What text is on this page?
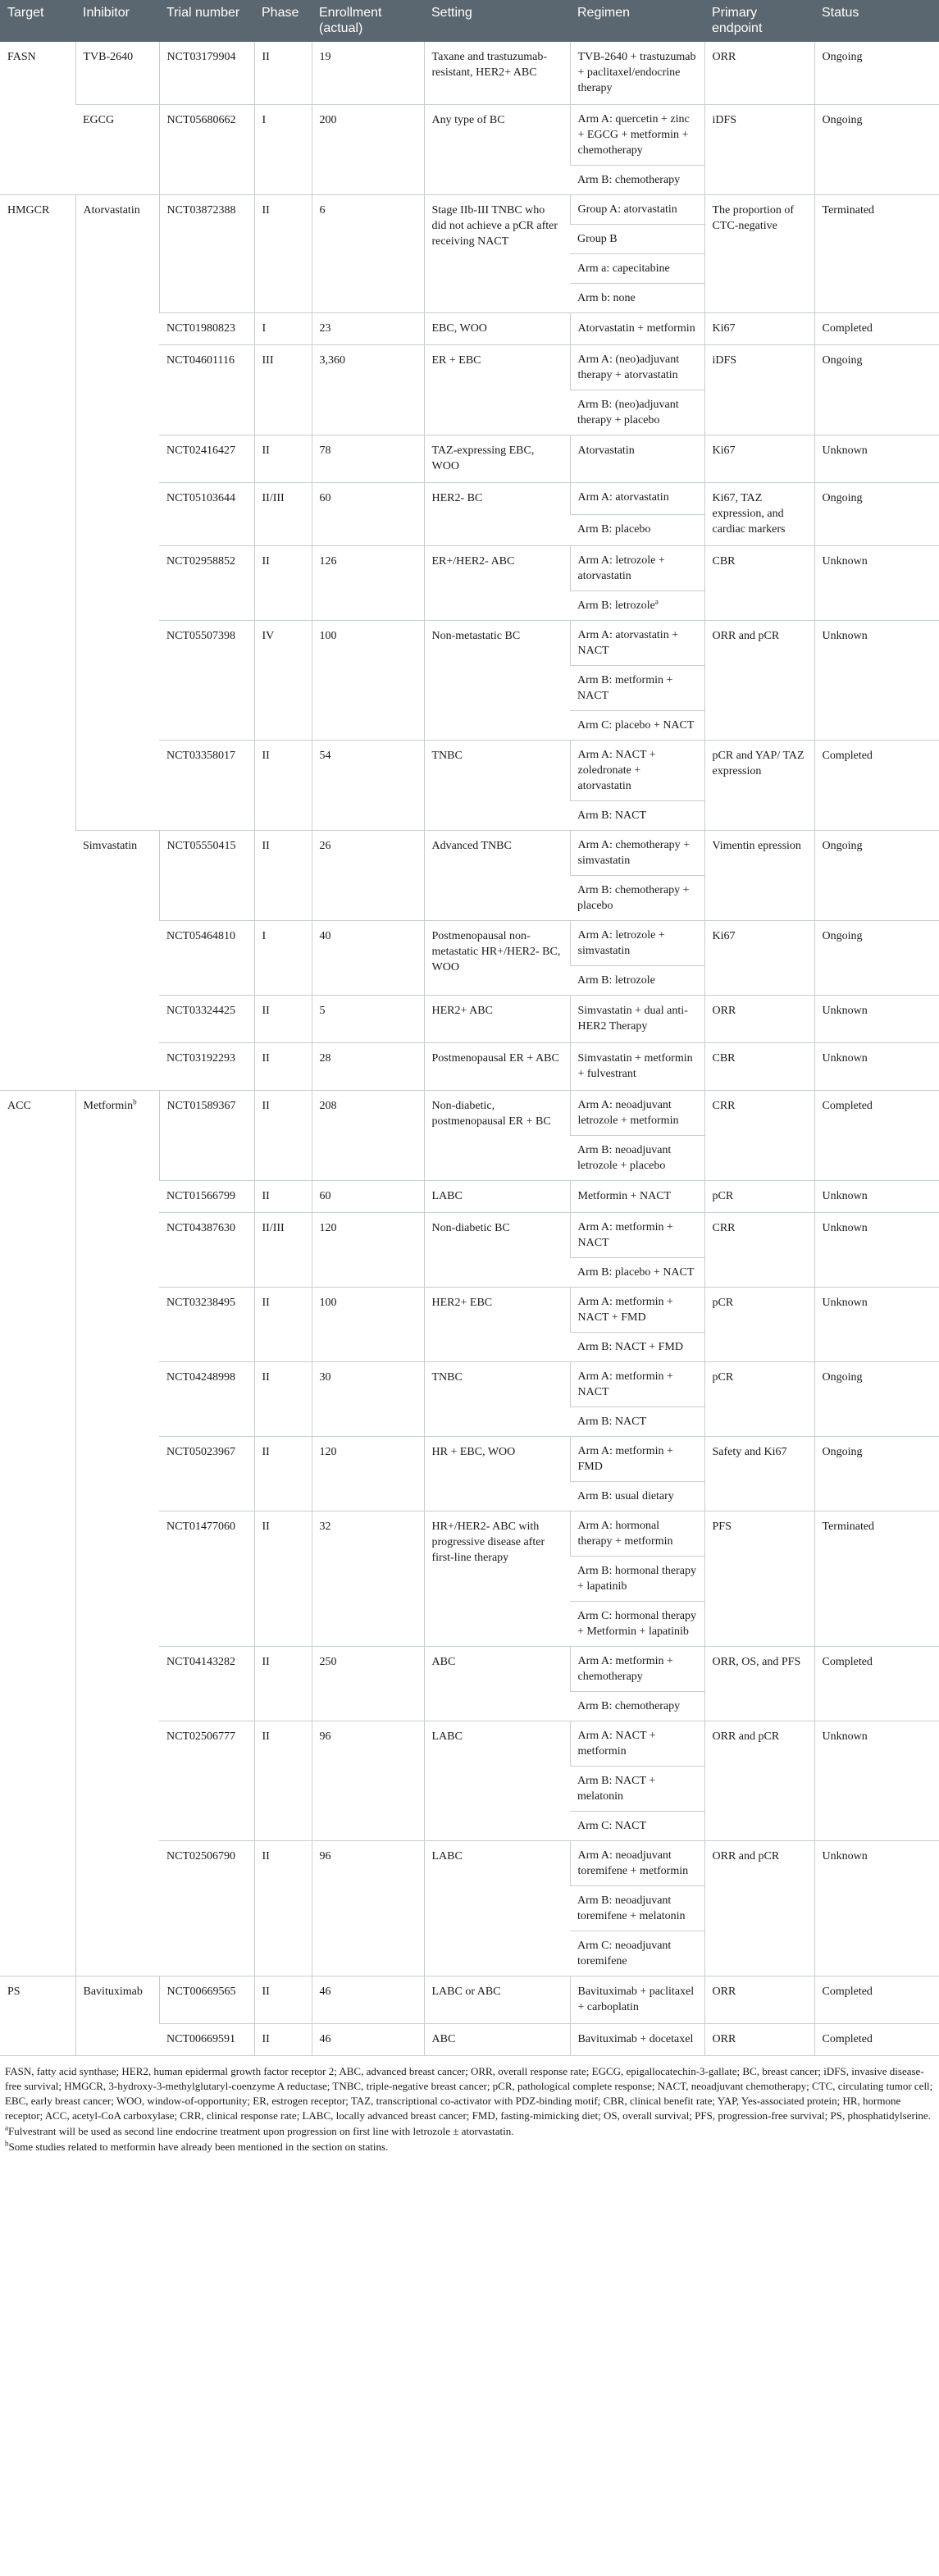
Target	Inhibitor	Trial number	Phase	Enrollment (actual)	Setting	Regimen	Primary endpoint	Status
FASN	TVB-2640	NCT03179904	II	19	Taxane and trastuzumab-resistant, HER2+ ABC	TVB-2640 + trastuzumab + paclitaxel/endocrine therapy	ORR	Ongoing
	EGCG	NCT05680662	I	200	Any type of BC	Arm A: quercetin + zinc + EGCG + metformin + chemotherapy	iDFS	Ongoing
						Arm B: chemotherapy		
HMGCR	Atorvastatin	NCT03872388	II	6	Stage IIb-III TNBC who did not achieve a pCR after receiving NACT	Group A: atorvastatin	The proportion of CTC-negative	Terminated
						Group B		
						Arm a: capecitabine		
						Arm b: none		
		NCT01980823	I	23	EBC, WOO	Atorvastatin + metformin	Ki67	Completed
		NCT04601116	III	3,360	ER + EBC	Arm A: (neo)adjuvant therapy + atorvastatin	iDFS	Ongoing
						Arm B: (neo)adjuvant therapy + placebo		
		NCT02416427	II	78	TAZ-expressing EBC, WOO	Atorvastatin	Ki67	Unknown
		NCT05103644	II/III	60	HER2- BC	Arm A: atorvastatin	Ki67, TAZ expression, and cardiac markers	Ongoing
						Arm B: placebo		
		NCT02958852	II	126	ER+/HER2- ABC	Arm A: letrozole + atorvastatin	CBR	Unknown
						Arm B: letrozole$^a$
		NCT05507398	IV	100	Non-metastatic BC	Arm A: atorvastatin + NACT	ORR and pCR	Unknown
						Arm B: metformin + NACT		
						Arm C: placebo + NACT		
		NCT03358017	II	54	TNBC	Arm A: NACT + zoledronate + atorvastatin	pCR and YAP/ TAZ expression	Completed
						Arm B: NACT		
	Simvastatin	NCT05550415	II	26	Advanced TNBC	Arm A: chemotherapy + simvastatin	Vimentin epression	Ongoing
						Arm B: chemotherapy + placebo		
		NCT05464810	I	40	Postmenopausal non-metastatic HR+/HER2- BC, WOO	Arm A: letrozole + simvastatin	Ki67	Ongoing
						Arm B: letrozole		
		NCT03324425	II	5	HER2+ ABC	Simvastatin + dual anti-HER2 Therapy	ORR	Unknown
		NCT03192293	II	28	Postmenopausal ER + ABC	Simvastatin + metformin + fulvestrant	CBR	Unknown
ACC	Metformin$^b$	NCT01589367	II	208	Non-diabetic, postmenopausal ER + BC	Arm A: neoadjuvant letrozole + metformin	CRR	Completed
						Arm B: neoadjuvant letrozole + placebo		
		NCT01566799	II	60	LABC	Metformin + NACT	pCR	Unknown
		NCT04387630	II/III	120	Non-diabetic BC	Arm A: metformin + NACT	CRR	Unknown
						Arm B: placebo + NACT		
		NCT03238495	II	100	HER2+ EBC	Arm A: metformin + NACT + FMD	pCR	Unknown
						Arm B: NACT + FMD		
		NCT04248998	II	30	TNBC	Arm A: metformin + NACT	pCR	Ongoing
						Arm B: NACT		
		NCT05023967	II	120	HR + EBC, WOO	Arm A: metformin + FMD	Safety and Ki67	Ongoing
						Arm B: usual dietary		
		NCT01477060	II	32	HR+/HER2- ABC with progressive disease after first-line therapy	Arm A: hormonal therapy + metformin	PFS	Terminated
						Arm B: hormonal therapy + lapatinib		
						Arm C: hormonal therapy + Metformin + lapatinib		
		NCT04143282	II	250	ABC	Arm A: metformin + chemotherapy	ORR, OS, and PFS	Completed
						Arm B: chemotherapy		
		NCT02506777	II	96	LABC	Arm A: NACT + metformin	ORR and pCR	Unknown
						Arm B: NACT + melatonin		
						Arm C: NACT		
		NCT02506790	II	96	LABC	Arm A: neoadjuvant toremifene + metformin	ORR and pCR	Unknown
						Arm B: neoadjuvant toremifene + melatonin		
						Arm C: neoadjuvant toremifene		
PS	Bavituximab	NCT00669565	II	46	LABC or ABC	Bavituximab + paclitaxel + carboplatin	ORR	Completed
		NCT00669591	II	46	ABC	Bavituximab + docetaxel	ORR	Completed

FASN, fatty acid synthase; HER2, human epidermal growth factor receptor 2; ABC, advanced breast cancer; ORR, overall response rate; EGCG, epigallocatechin-3-gallate; BC, breast cancer; iDFS, invasive disease-free survival; HMGCR, 3-hydroxy-3-methylglutaryl-coenzyme A reductase; TNBC, triple-negative breast cancer; pCR, pathological complete response; NACT, neoadjuvant chemotherapy; CTC, circulating tumor cell; EBC, early breast cancer; WOO, window-of-opportunity; ER, estrogen receptor; TAZ, transcriptional co-activator with PDZ-binding motif; CBR, clinical benefit rate; YAP, Yes-associated protein; HR, hormone receptor; ACC, acetyl-CoA carboxylase; CRR, clinical response rate; LABC, locally advanced breast cancer; FMD, fasting-mimicking diet; OS, overall survival; PFS, progression-free survival; PS, phosphatidylserine.

$^a$Fulvestrant will be used as second line endocrine treatment upon progression on first line with letrozole ± atorvastatin.

$^b$Some studies related to metformin have already been mentioned in the section on statins.
